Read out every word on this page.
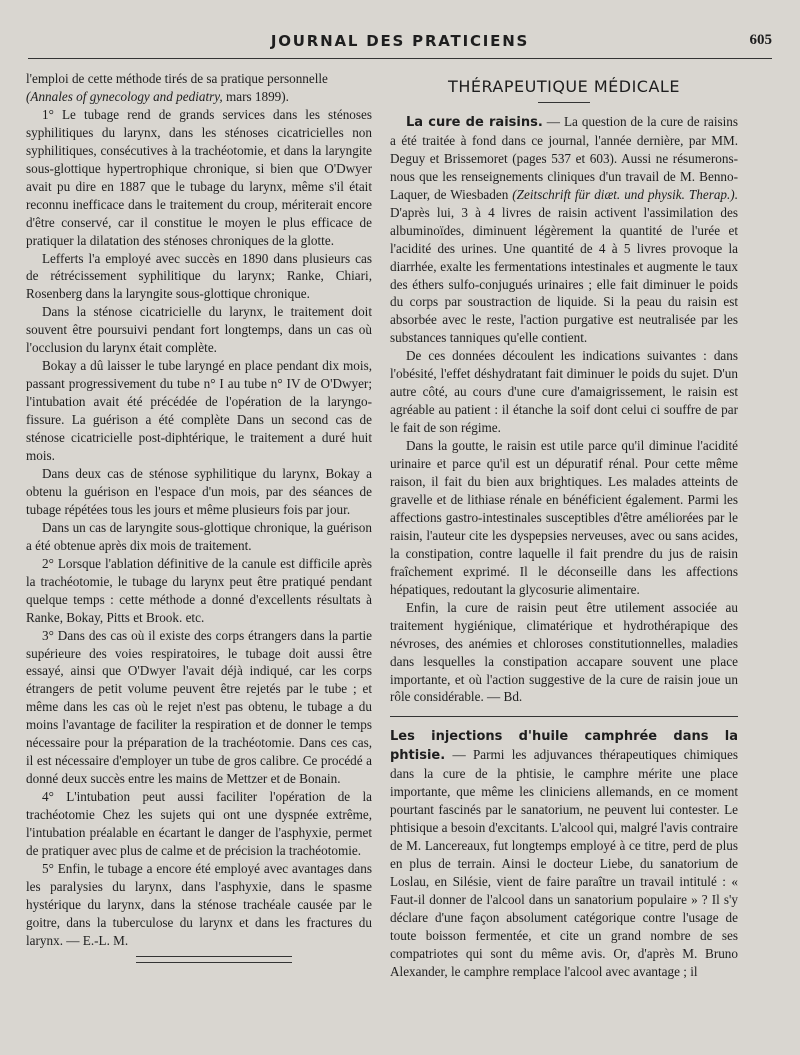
JOURNAL DES PRATICIENS	605

l'emploi de cette méthode tirés de sa pratique personnelle
(Annales of gynecology and pediatry, mars 1899).

1° Le tubage rend de grands services dans les sténoses syphilitiques du larynx, dans les sténoses cicatricielles non syphilitiques, consécutives à la trachéotomie, et dans la laryngite sous-glottique hypertrophique chronique, si bien que O'Dwyer avait pu dire en 1887 que le tubage du larynx, même s'il était reconnu inefficace dans le traitement du croup, mériterait encore d'être conservé, car il constitue le moyen le plus efficace de pratiquer la dilatation des sténoses chroniques de la glotte.

Lefferts l'a employé avec succès en 1890 dans plusieurs cas de rétrécissement syphilitique du larynx; Ranke, Chiari, Rosenberg dans la laryngite sous-glottique chronique.

Dans la sténose cicatricielle du larynx, le traitement doit souvent être poursuivi pendant fort longtemps, dans un cas où l'occlusion du larynx était complète.

Bokay a dû laisser le tube laryngé en place pendant dix mois, passant progressivement du tube n° I au tube n° IV de O'Dwyer; l'intubation avait été précédée de l'opération de la laryngo-fissure. La guérison a été complète Dans un second cas de sténose cicatricielle post-diphtérique, le traitement a duré huit mois.

Dans deux cas de sténose syphilitique du larynx, Bokay a obtenu la guérison en l'espace d'un mois, par des séances de tubage répétées tous les jours et même plusieurs fois par jour.

Dans un cas de laryngite sous-glottique chronique, la guérison a été obtenue après dix mois de traitement.

2° Lorsque l'ablation définitive de la canule est difficile après la trachéotomie, le tubage du larynx peut être pratiqué pendant quelque temps : cette méthode a donné d'excellents résultats à Ranke, Bokay, Pitts et Brook. etc.

3° Dans des cas où il existe des corps étrangers dans la partie supérieure des voies respiratoires, le tubage doit aussi être essayé, ainsi que O'Dwyer l'avait déjà indiqué, car les corps étrangers de petit volume peuvent être rejetés par le tube ; et même dans les cas où le rejet n'est pas obtenu, le tubage a du moins l'avantage de faciliter la respiration et de donner le temps nécessaire pour la préparation de la trachéotomie. Dans ces cas, il est nécessaire d'employer un tube de gros calibre. Ce procédé a donné deux succès entre les mains de Mettzer et de Bonain.

4° L'intubation peut aussi faciliter l'opération de la trachéotomie Chez les sujets qui ont une dyspnée extrême, l'intubation préalable en écartant le danger de l'asphyxie, permet de pratiquer avec plus de calme et de précision la trachéotomie.

5° Enfin, le tubage a encore été employé avec avantages dans les paralysies du larynx, dans l'asphyxie, dans le spasme hystérique du larynx, dans la sténose trachéale causée par le goitre, dans la tuberculose du larynx et dans les fractures du larynx. — E.-L. M.

THÉRAPEUTIQUE MÉDICALE

La cure de raisins. — La question de la cure de raisins a été traitée à fond dans ce journal, l'année dernière, par MM. Deguy et Brissemoret (pages 537 et 603). Aussi ne résumerons-nous que les renseignements cliniques d'un travail de M. Benno-Laquer, de Wiesbaden (Zeitschrift für diæt. und physik. Therap.). D'après lui, 3 à 4 livres de raisin activent l'assimilation des albuminoïdes, diminuent légèrement la quantité de l'urée et l'acidité des urines. Une quantité de 4 à 5 livres provoque la diarrhée, exalte les fermentations intestinales et augmente le taux des éthers sulfo-conjugués urinaires ; elle fait diminuer le poids du corps par soustraction de liquide. Si la peau du raisin est absorbée avec le reste, l'action purgative est neutralisée par les substances tanniques qu'elle contient.

De ces données découlent les indications suivantes : dans l'obésité, l'effet déshydratant fait diminuer le poids du sujet. D'un autre côté, au cours d'une cure d'amaigrissement, le raisin est agréable au patient : il étanche la soif dont celui ci souffre de par le fait de son régime.

Dans la goutte, le raisin est utile parce qu'il diminue l'acidité urinaire et parce qu'il est un dépuratif rénal. Pour cette même raison, il fait du bien aux brightiques. Les malades atteints de gravelle et de lithiase rénale en bénéficient également. Parmi les affections gastro-intestinales susceptibles d'être améliorées par le raisin, l'auteur cite les dyspepsies nerveuses, avec ou sans acides, la constipation, contre laquelle il fait prendre du jus de raisin fraîchement exprimé. Il le déconseille dans les affections hépatiques, redoutant la glycosurie alimentaire.

Enfin, la cure de raisin peut être utilement associée au traitement hygiénique, climatérique et hydrothérapique des névroses, des anémies et chloroses constitutionnelles, maladies dans lesquelles la constipation accapare souvent une place importante, et où l'action suggestive de la cure de raisin joue un rôle considérable. — Bd.

Les injections d'huile camphrée dans la phtisie. — Parmi les adjuvances thérapeutiques chimiques dans la cure de la phtisie, le camphre mérite une place importante, que même les cliniciens allemands, en ce moment pourtant fascinés par le sanatorium, ne peuvent lui contester. Le phtisique a besoin d'excitants. L'alcool qui, malgré l'avis contraire de M. Lancereaux, fut longtemps employé à ce titre, perd de plus en plus de terrain. Ainsi le docteur Liebe, du sanatorium de Loslau, en Silésie, vient de faire paraître un travail intitulé : « Faut-il donner de l'alcool dans un sanatorium populaire » ? Il s'y déclare d'une façon absolument catégorique contre l'usage de toute boisson fermentée, et cite un grand nombre de ses compatriotes qui sont du même avis. Or, d'après M. Bruno Alexander, le camphre remplace l'alcool avec avantage ; il
